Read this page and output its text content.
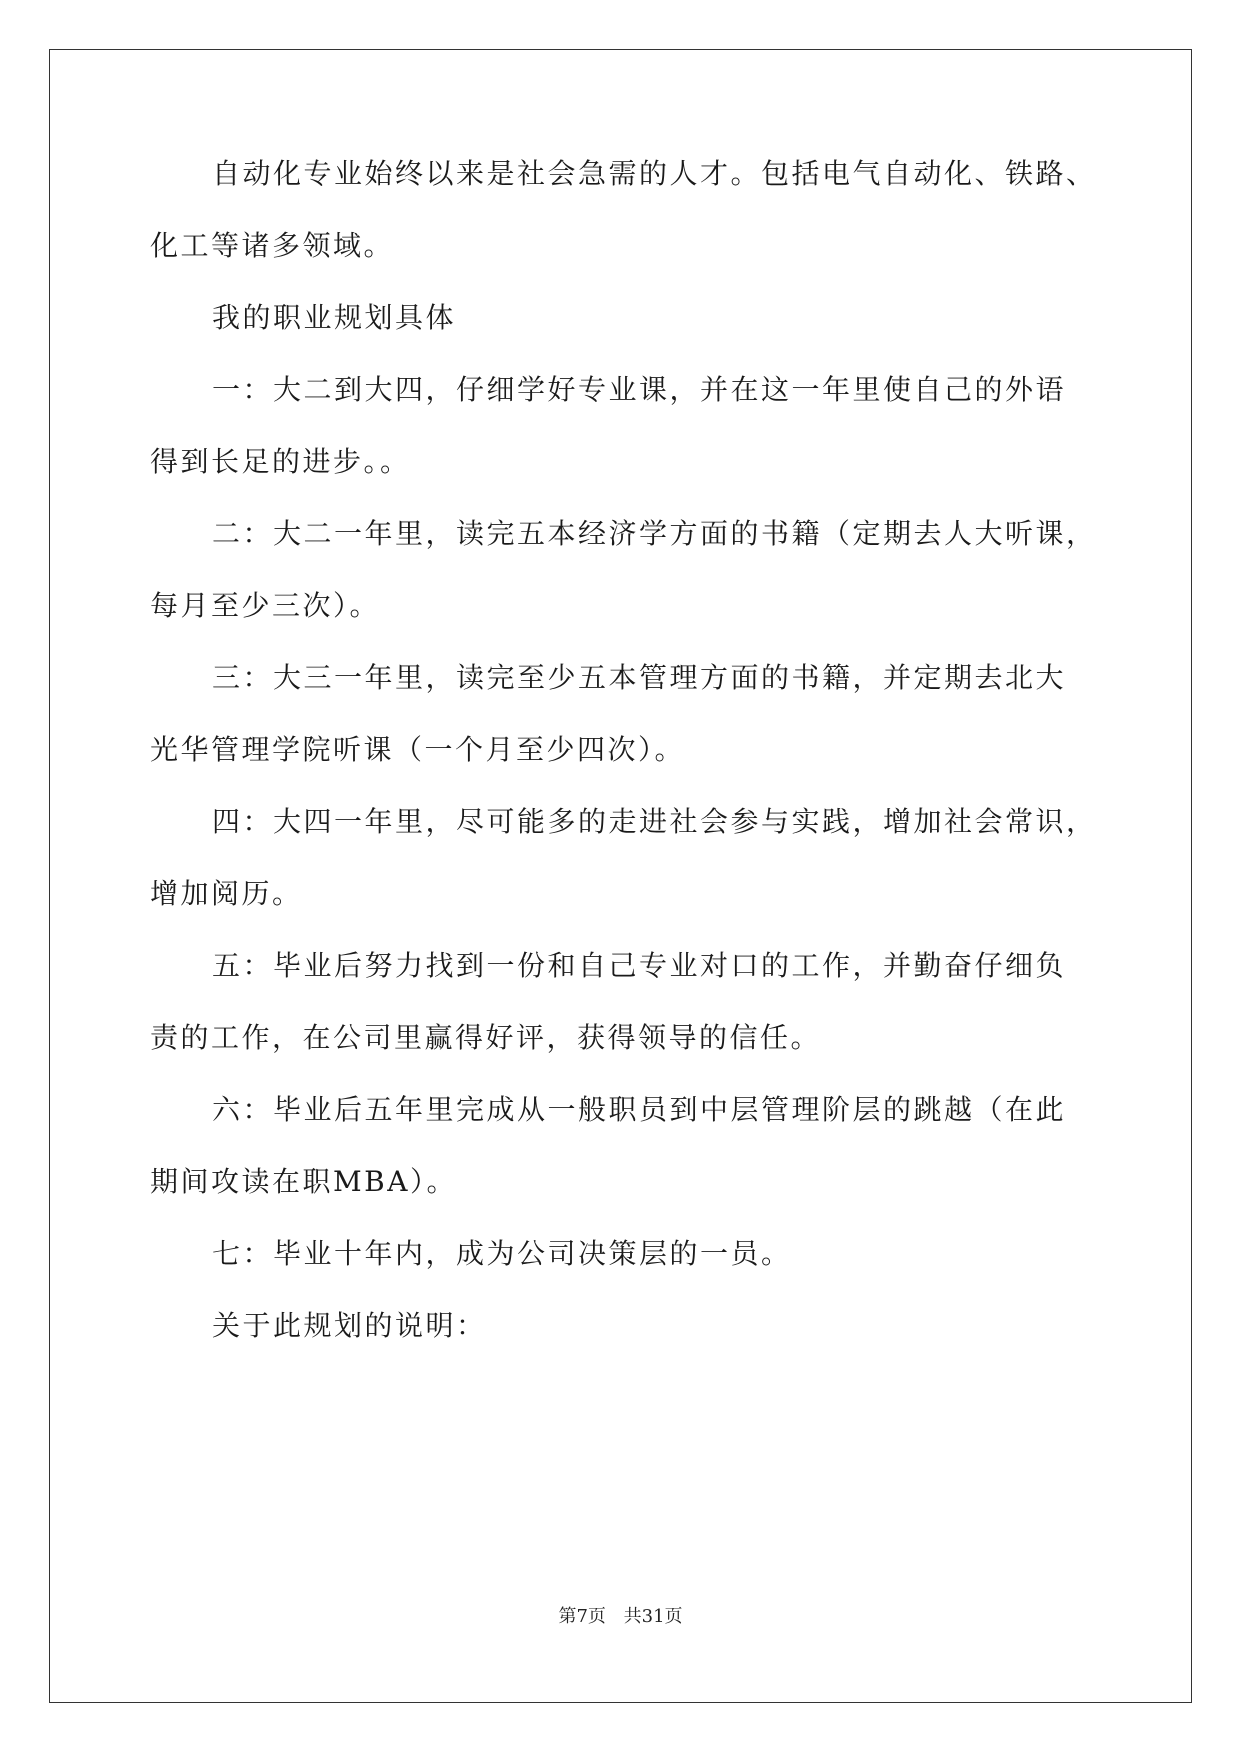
自动化专业始终以来是社会急需的人才。包括电气自动化、铁路、
化工等诸多领域。
我的职业规划具体
一：大二到大四，仔细学好专业课，并在这一年里使自己的外语
得到长足的进步。。
二：大二一年里，读完五本经济学方面的书籍（定期去人大听课，
每月至少三次）。
三：大三一年里，读完至少五本管理方面的书籍，并定期去北大
光华管理学院听课（一个月至少四次）。
四：大四一年里，尽可能多的走进社会参与实践，增加社会常识，
增加阅历。
五：毕业后努力找到一份和自己专业对口的工作，并勤奋仔细负
责的工作，在公司里赢得好评，获得领导的信任。
六：毕业后五年里完成从一般职员到中层管理阶层的跳越（在此
期间攻读在职MBA）。
七：毕业十年内，成为公司决策层的一员。
关于此规划的说明：
第7页 共31页
